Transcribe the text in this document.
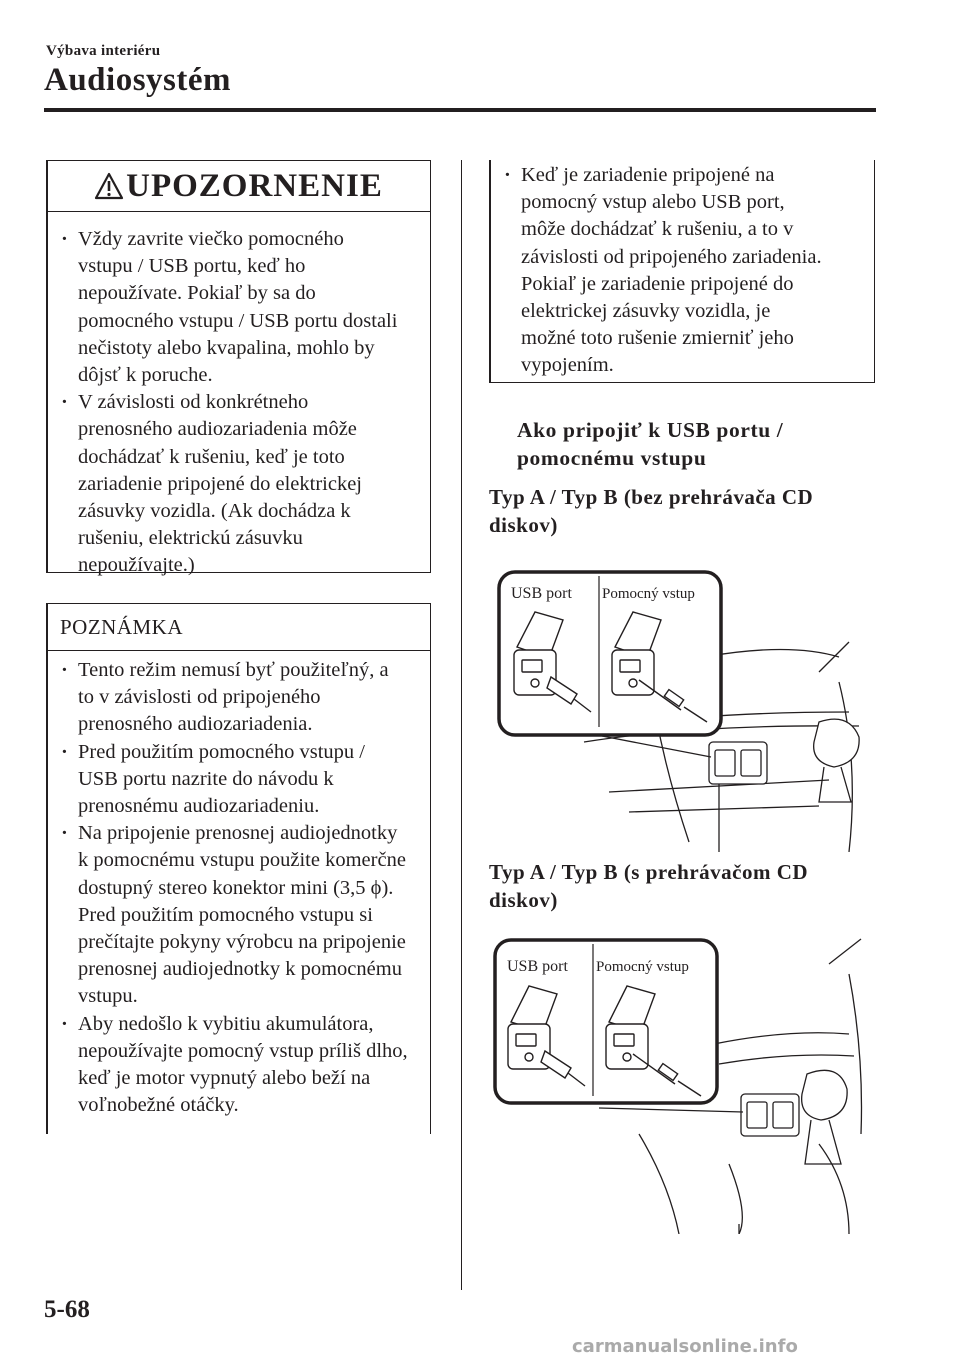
Výbava interiéru
Audiosystém
UPOZORNENIE
· Vždy zavrite viečko pomocného vstupu / USB portu, keď ho nepoužívate. Pokiaľ by sa do pomocného vstupu / USB portu dostali nečistoty alebo kvapalina, mohlo by dôjsť k poruche.
· V závislosti od konkrétneho prenosného audiozariadenia môže dochádzať k rušeniu, keď je toto zariadenie pripojené do elektrickej zásuvky vozidla. (Ak dochádza k rušeniu, elektrickú zásuvku nepoužívajte.)
POZNÁMKA
· Tento režim nemusí byť použiteľný, a to v závislosti od pripojeného prenosného audiozariadenia.
· Pred použitím pomocného vstupu / USB portu nazrite do návodu k prenosnému audiozariadeniu.
· Na pripojenie prenosnej audiojednotky k pomocnému vstupu použite komerčne dostupný stereo konektor mini (3,5 ϕ). Pred použitím pomocného vstupu si prečítajte pokyny výrobcu na pripojenie prenosnej audiojednotky k pomocnému vstupu.
· Aby nedošlo k vybitiu akumulátora, nepoužívajte pomocný vstup príliš dlho, keď je motor vypnutý alebo beží na voľnobežné otáčky.
· Keď je zariadenie pripojené na pomocný vstup alebo USB port, môže dochádzať k rušeniu, a to v závislosti od pripojeného zariadenia. Pokiaľ je zariadenie pripojené do elektrickej zásuvky vozidla, je možné toto rušenie zmierniť jeho vypojením.
Ako pripojiť k USB portu / pomocnému vstupu
Typ A / Typ B (bez prehrávača CD diskov)
USB port Pomocný vstup
Typ A / Typ B (s prehrávačom CD diskov)
USB port Pomocný vstup
5-68
carmanualsonline.info
